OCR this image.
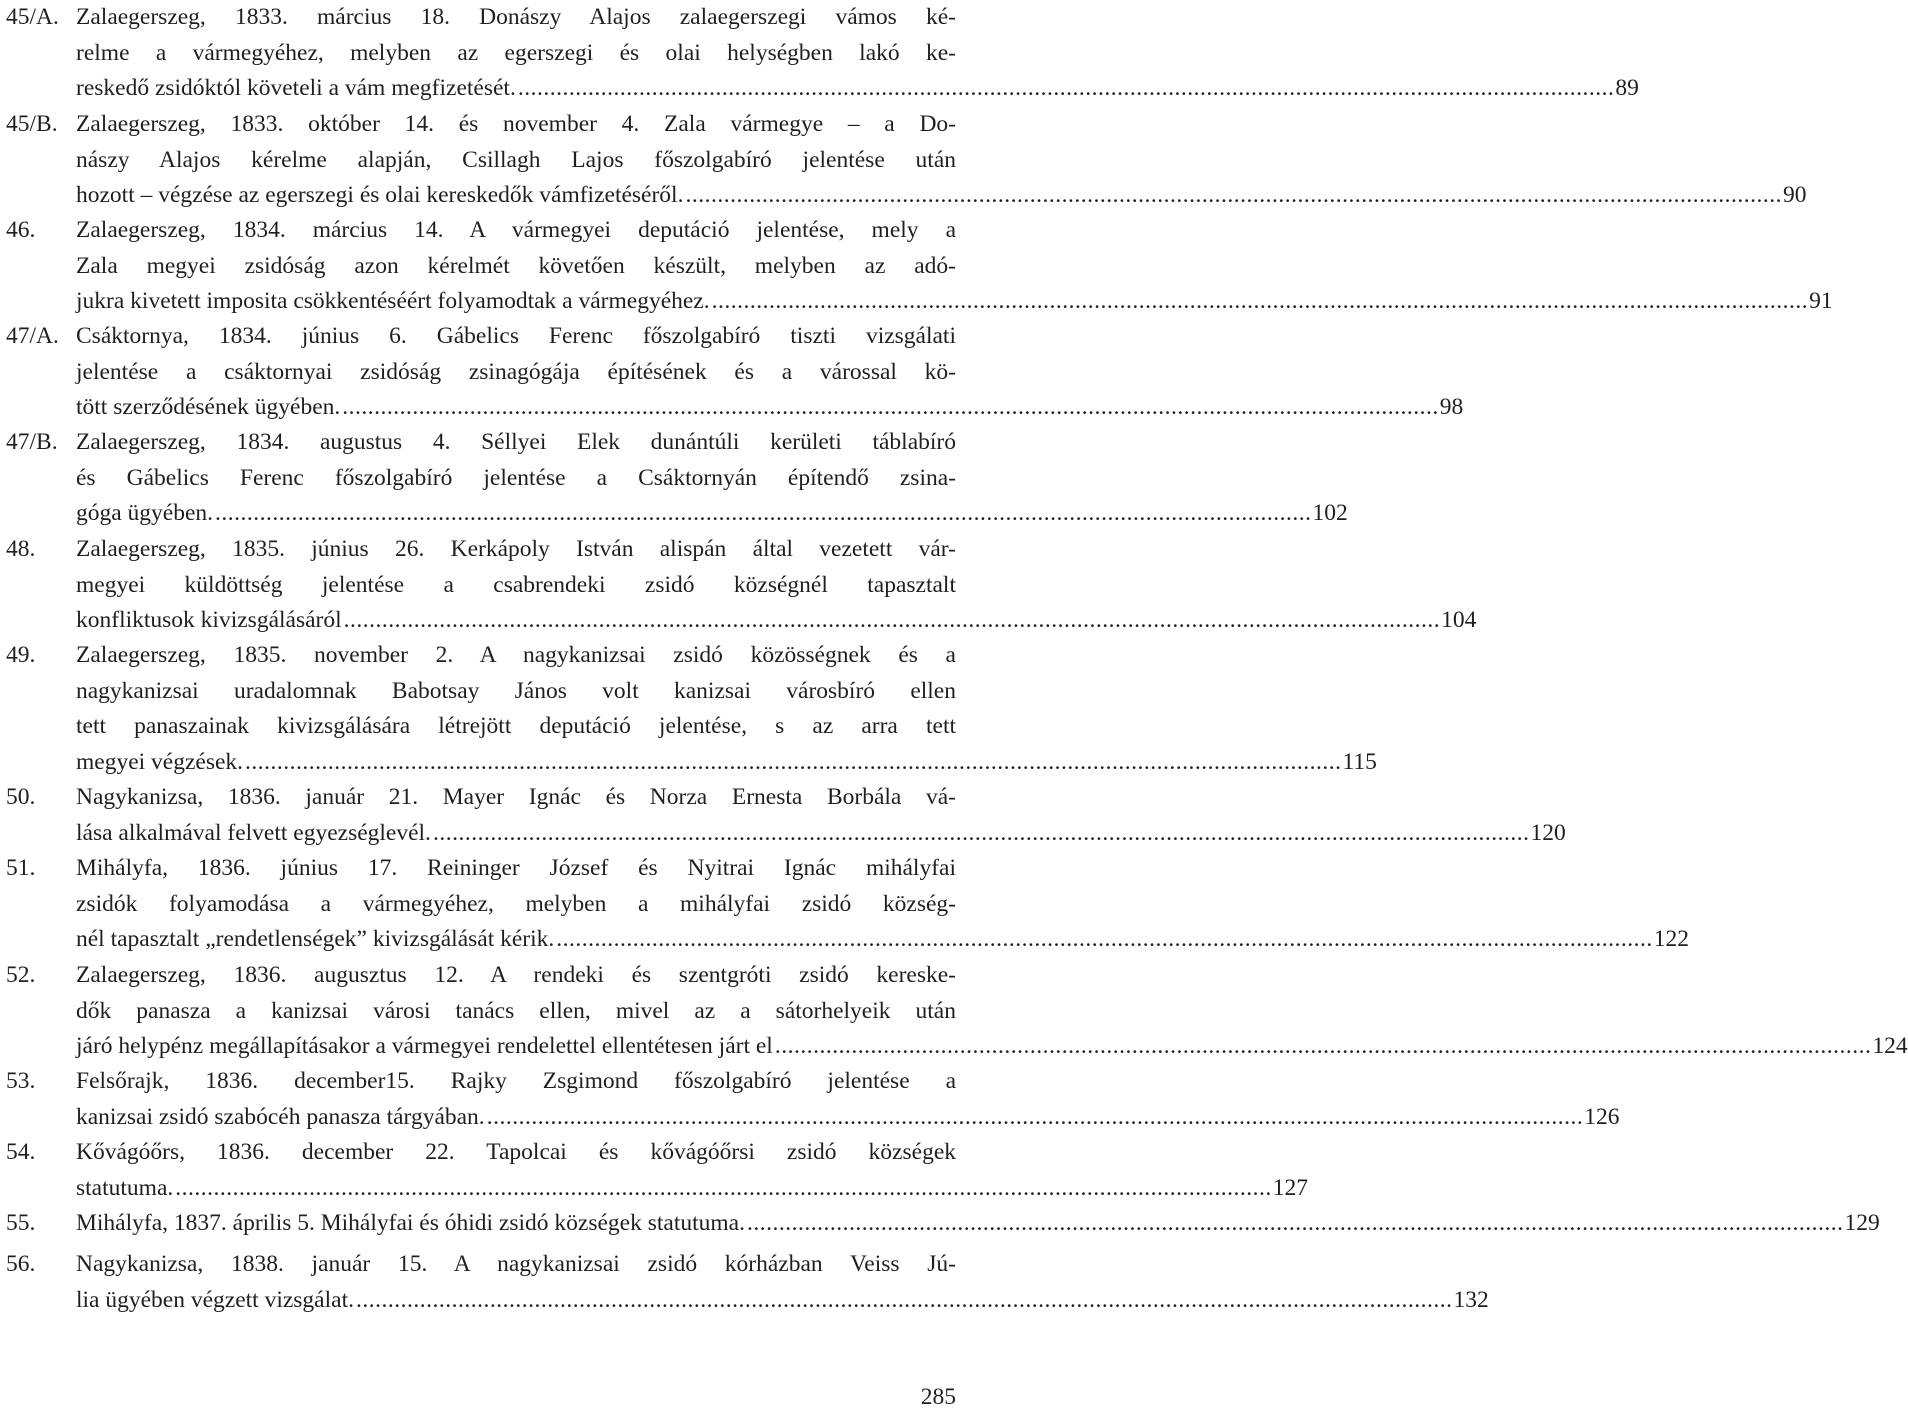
45/A. Zalaegerszeg, 1833. március 18. Donászy Alajos zalaegerszegi vámos ké-
relme a vármegyéhez, melyben az egerszegi és olai helységben lakó ke-
reskedő zsidóktól követeli a vám megfizetését. ............................................................................................................................................................................ 89
45/B. Zalaegerszeg, 1833. október 14. és november 4. Zala vármegye – a Do-
nászy Alajos kérelme alapján, Csillagh Lajos főszolgabíró jelentése után
hozott – végzése az egerszegi és olai kereskedők vámfizetéséről. ............................................................................................................................................................................ 90
46. Zalaegerszeg, 1834. március 14. A vármegyei deputáció jelentése, mely a
Zala megyei zsidóság azon kérelmét követően készült, melyben az adó-
jukra kivetett imposita csökkentéséért folyamodtak a vármegyéhez. ............................................................................................................................................................................ 91
47/A. Csáktornya, 1834. június 6. Gábelics Ferenc főszolgabíró tiszti vizsgálati
jelentése a csáktornyai zsidóság zsinagógája építésének és a várossal kö-
tött szerződésének ügyében. ............................................................................................................................................................................ 98
47/B. Zalaegerszeg, 1834. augustus 4. Séllyei Elek dunántúli kerületi táblabíró
és Gábelics Ferenc főszolgabíró jelentése a Csáktornyán építendő zsina-
góga ügyében. ............................................................................................................................................................................ 102
48. Zalaegerszeg, 1835. június 26. Kerkápoly István alispán által vezetett vár-
megyei küldöttség jelentése a csabrendeki zsidó községnél tapasztalt
konfliktusok kivizsgálásáról ............................................................................................................................................................................ 104
49. Zalaegerszeg, 1835. november 2. A nagykanizsai zsidó közösségnek és a
nagykanizsai uradalomnak Babotsay János volt kanizsai városbíró ellen
tett panaszainak kivizsgálására létrejött deputáció jelentése, s az arra tett
megyei végzések. ............................................................................................................................................................................ 115
50. Nagykanizsa, 1836. január 21. Mayer Ignác és Norza Ernesta Borbála vá-
lása alkalmával felvett egyezséglevél. ............................................................................................................................................................................ 120
51. Mihályfa, 1836. június 17. Reininger József és Nyitrai Ignác mihályfai
zsidók folyamodása a vármegyéhez, melyben a mihályfai zsidó község-
nél tapasztalt „rendetlenségek” kivizsgálását kérik. ............................................................................................................................................................................ 122
52. Zalaegerszeg, 1836. augusztus 12. A rendeki és szentgróti zsidó kereske-
dők panasza a kanizsai városi tanács ellen, mivel az a sátorhelyeik után
járó helypénz megállapításakor a vármegyei rendelettel ellentétesen járt el ............................................................................................................................................................................ 124
53. Felsőrajk, 1836. december15. Rajky Zsgimond főszolgabíró jelentése a
kanizsai zsidó szabócéh panasza tárgyában. ............................................................................................................................................................................ 126
54. Kővágóőrs, 1836. december 22. Tapolcai és kővágóőrsi zsidó községek
statutuma. ............................................................................................................................................................................ 127
55. Mihályfa, 1837. április 5. Mihályfai és óhidi zsidó községek statutuma. ............................................................................................................................................................................ 129
56. Nagykanizsa, 1838. január 15. A nagykanizsai zsidó kórházban Veiss Jú-
lia ügyében végzett vizsgálat. ............................................................................................................................................................................ 132
285
